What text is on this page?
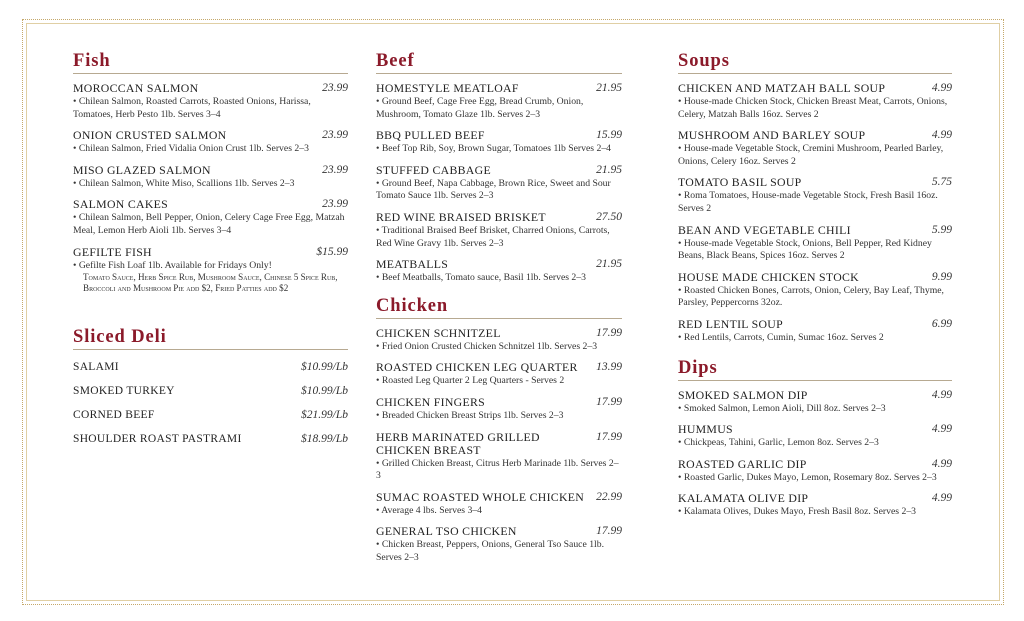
Fish
MOROCCAN SALMON	23.99
• Chilean Salmon, Roasted Carrots, Roasted Onions, Harissa, Tomatoes, Herb Pesto 1lb. Serves 3–4
ONION CRUSTED SALMON	23.99
• Chilean Salmon, Fried Vidalia Onion Crust 1lb. Serves 2–3
MISO GLAZED SALMON	23.99
• Chilean Salmon, White Miso, Scallions 1lb. Serves 2–3
SALMON CAKES	23.99
• Chilean Salmon, Bell Pepper, Onion, Celery Cage Free Egg, Matzah Meal, Lemon Herb Aioli 1lb. Serves 3–4
GEFILTE FISH	$15.99
• Gefilte Fish Loaf 1lb. Available for Fridays Only!
Tomato Sauce, Herb Spice Rub, Mushroom Sauce, Chinese 5 Spice Rub, Broccoli and Mushroom Pie add $2, Fried Patties add $2
Sliced Deli
SALAMI	$10.99/Lb
SMOKED TURKEY	$10.99/Lb
CORNED BEEF	$21.99/Lb
SHOULDER ROAST PASTRAMI	$18.99/Lb
Beef
HOMESTYLE MEATLOAF	21.95
• Ground Beef, Cage Free Egg, Bread Crumb, Onion, Mushroom, Tomato Glaze 1lb. Serves 2–3
BBQ PULLED BEEF	15.99
• Beef Top Rib, Soy, Brown Sugar, Tomatoes 1lb Serves 2–4
STUFFED CABBAGE	21.95
• Ground Beef, Napa Cabbage, Brown Rice, Sweet and Sour Tomato Sauce 1lb. Serves 2–3
RED WINE BRAISED BRISKET	27.50
• Traditional Braised Beef Brisket, Charred Onions, Carrots, Red Wine Gravy 1lb. Serves 2–3
MEATBALLS	21.95
• Beef Meatballs, Tomato sauce, Basil 1lb. Serves 2–3
Chicken
CHICKEN SCHNITZEL	17.99
• Fried Onion Crusted Chicken Schnitzel 1lb. Serves 2–3
ROASTED CHICKEN LEG QUARTER 13.99
• Roasted Leg Quarter 2 Leg Quarters - Serves 2
CHICKEN FINGERS	17.99
• Breaded Chicken Breast Strips 1lb. Serves 2–3
HERB MARINATED GRILLED CHICKEN BREAST
17.99
• Grilled Chicken Breast, Citrus Herb Marinade 1lb. Serves 2–3
SUMAC ROASTED WHOLE CHICKEN 22.99
• Average 4 lbs. Serves 3–4
GENERAL TSO CHICKEN	17.99
• Chicken Breast, Peppers, Onions, General Tso Sauce 1lb. Serves 2–3
Soups
CHICKEN AND MATZAH BALL SOUP	4.99
• House-made Chicken Stock, Chicken Breast Meat, Carrots, Onions, Celery, Matzah Balls 16oz. Serves 2
MUSHROOM AND BARLEY SOUP	4.99
• House-made Vegetable Stock, Cremini Mushroom, Pearled Barley, Onions, Celery 16oz. Serves 2
TOMATO BASIL SOUP	5.75
• Roma Tomatoes, House-made Vegetable Stock, Fresh Basil 16oz. Serves 2
BEAN AND VEGETABLE CHILI	5.99
• House-made Vegetable Stock, Onions, Bell Pepper, Red Kidney Beans, Black Beans, Spices 16oz. Serves 2
HOUSE MADE CHICKEN STOCK	9.99
• Roasted Chicken Bones, Carrots, Onion, Celery, Bay Leaf, Thyme, Parsley, Peppercorns 32oz.
RED LENTIL SOUP	6.99
• Red Lentils, Carrots, Cumin, Sumac 16oz. Serves 2
Dips
SMOKED SALMON DIP	4.99
• Smoked Salmon, Lemon Aioli, Dill 8oz. Serves 2–3
HUMMUS	4.99
• Chickpeas, Tahini, Garlic, Lemon 8oz. Serves 2–3
ROASTED GARLIC DIP	4.99
• Roasted Garlic, Dukes Mayo, Lemon, Rosemary 8oz. Serves 2–3
KALAMATA OLIVE DIP	4.99
• Kalamata Olives, Dukes Mayo, Fresh Basil 8oz. Serves 2–3
